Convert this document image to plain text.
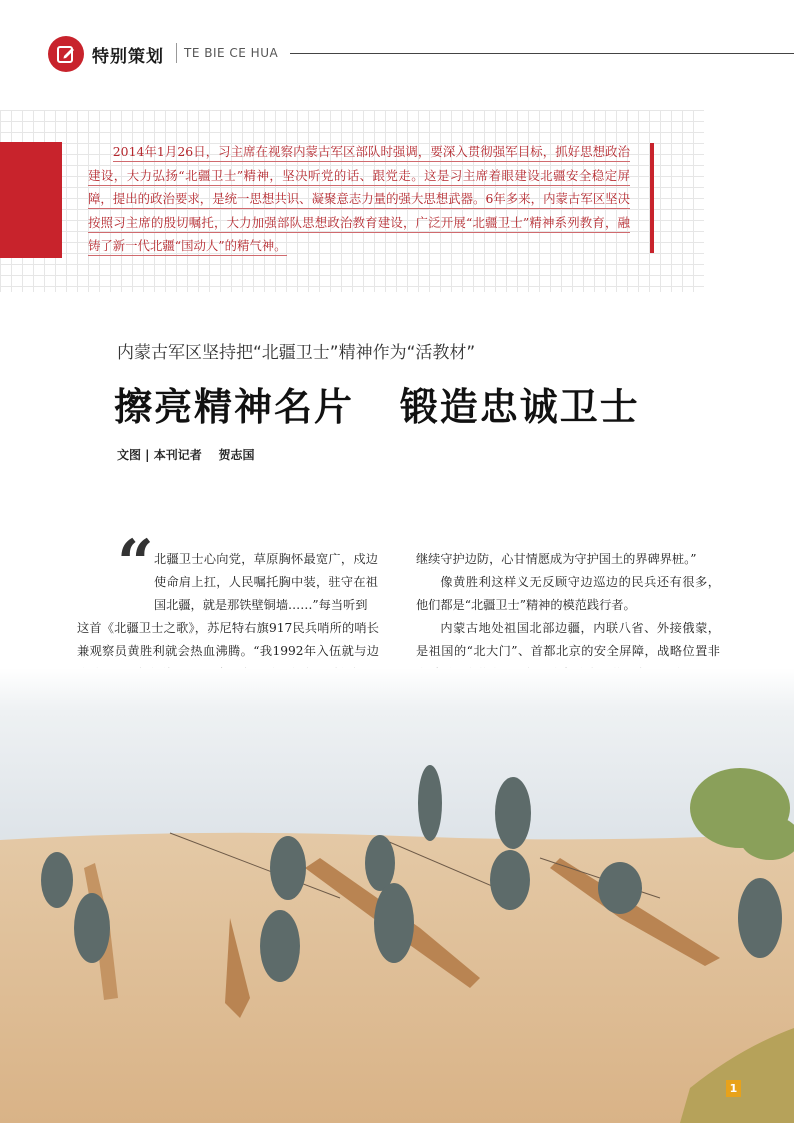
特别策划 TE BIE CE HUA
2014年1月26日，习主席在视察内蒙古军区部队时强调，要深入贯彻强军目标，抓好思想政治建设，大力弘扬“北疆卫士”精神，坚决听党的话、跟党走。这是习主席着眼建设北疆安全稳定屏障，提出的政治要求，是统一思想共识、凝聚意志力量的强大思想武器。6年多来，内蒙古军区坚决按照习主席的殷切嘱托，大力加强部队思想政治教育建设，广泛开展“北疆卫士”精神系列教育，融铸了新一代北疆“国动人”的精气神。
内蒙古军区坚持把“北疆卫士”精神作为“活教材”
擦亮精神名片   锻造忠诚卫士
文图 | 本刊记者    贺志国
“ 北疆卫士心向党，草原胸怀最宽广，戍边使命肩上扛，人民嘱托胸中装，驻守在祖国北疆，就是那铁壁铜墙……”每当听到

这首《北疆卫士之歌》，苏尼特右旗917民兵哨所的哨长兼观察员黄胜利就会热血沸腾。“我1992年入伍就与边

继续守护边防，心甘情愿成为守护国土的界碑界桩。”

像黄胜利这样义无反顾守边巡边的民兵还有很多，他们都是“北疆卫士”精神的模范践行者。

内蒙古地处祖国北部边疆，内联八省、外接俄蒙，是祖国的“北大门”、首都北京的安全屏障，战略位置非

1
